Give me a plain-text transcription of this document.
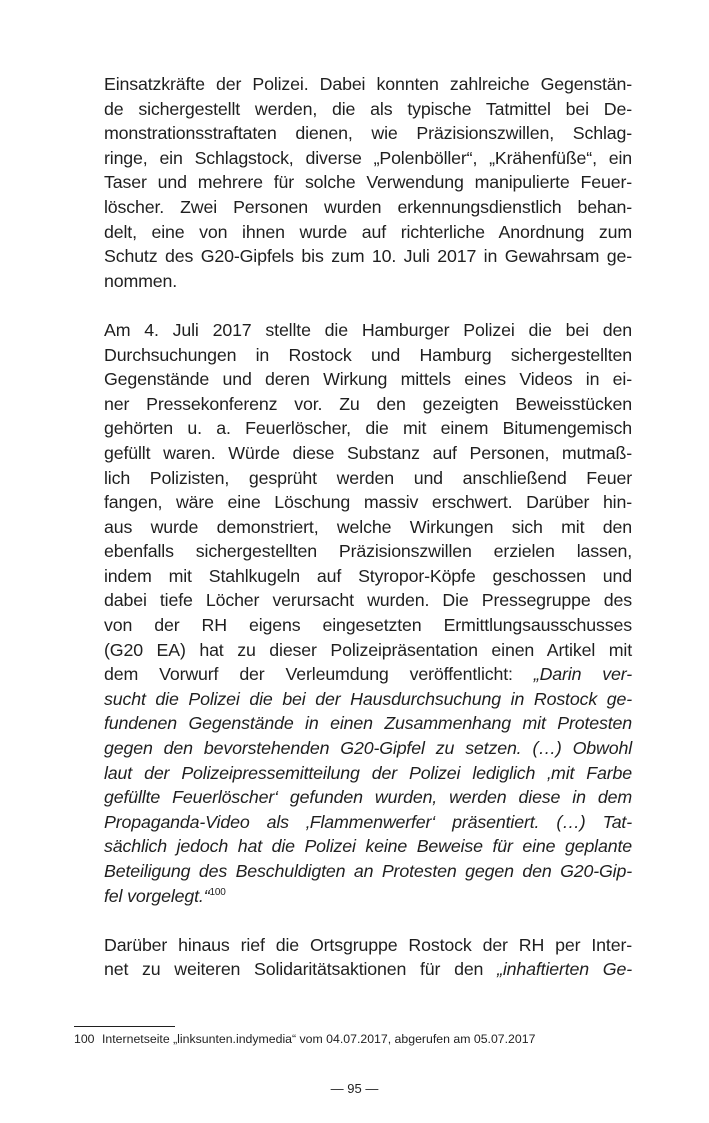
Einsatzkräfte der Polizei. Dabei konnten zahlreiche Gegenstän-
de sichergestellt werden, die als typische Tatmittel bei De-
monstrationsstraftaten dienen, wie Präzisionszwillen, Schlag-
ringe, ein Schlagstock, diverse „Polenböller“, „Krähenfüße“, ein
Taser und mehrere für solche Verwendung manipulierte Feuer-
löscher. Zwei Personen wurden erkennungsdienstlich behan-
delt, eine von ihnen wurde auf richterliche Anordnung zum
Schutz des G20-Gipfels bis zum 10. Juli 2017 in Gewahrsam ge-
nommen.
Am 4. Juli 2017 stellte die Hamburger Polizei die bei den
Durchsuchungen in Rostock und Hamburg sichergestellten
Gegenstände und deren Wirkung mittels eines Videos in ei-
ner Pressekonferenz vor. Zu den gezeigten Beweisstücken
gehörten u. a. Feuerlöscher, die mit einem Bitumengemisch
gefüllt waren. Würde diese Substanz auf Personen, mutmaß-
lich Polizisten, gesprüht werden und anschließend Feuer
fangen, wäre eine Löschung massiv erschwert. Darüber hin-
aus wurde demonstriert, welche Wirkungen sich mit den
ebenfalls sichergestellten Präzisionszwillen erzielen lassen,
indem mit Stahlkugeln auf Styropor-Köpfe geschossen und
dabei tiefe Löcher verursacht wurden. Die Pressegruppe des
von der RH eigens eingesetzten Ermittlungsausschusses
(G20 EA) hat zu dieser Polizeipräsentation einen Artikel mit
dem Vorwurf der Verleumdung veröffentlicht: „Darin ver-
sucht die Polizei die bei der Hausdurchsuchung in Rostock ge-
fundenen Gegenstände in einen Zusammenhang mit Protesten
gegen den bevorstehenden G20-Gipfel zu setzen. (…) Obwohl
laut der Polizeipressemitteilung der Polizei lediglich ‚mit Farbe
gefüllte Feuerlöscher‘ gefunden wurden, werden diese in dem
Propaganda-Video als ‚Flammenwerfer‘ präsentiert. (…) Tat-
sächlich jedoch hat die Polizei keine Beweise für eine geplante
Beteiligung des Beschuldigten an Protesten gegen den G20-Gip-
fel vorgelegt.“$^{100}$
Darüber hinaus rief die Ortsgruppe Rostock der RH per Inter-
net zu weiteren Solidaritätsaktionen für den „inhaftierten Ge-
100 Internetseite „linksunten.indymedia“ vom 04.07.2017, abgerufen am 05.07.2017
— 95 —
